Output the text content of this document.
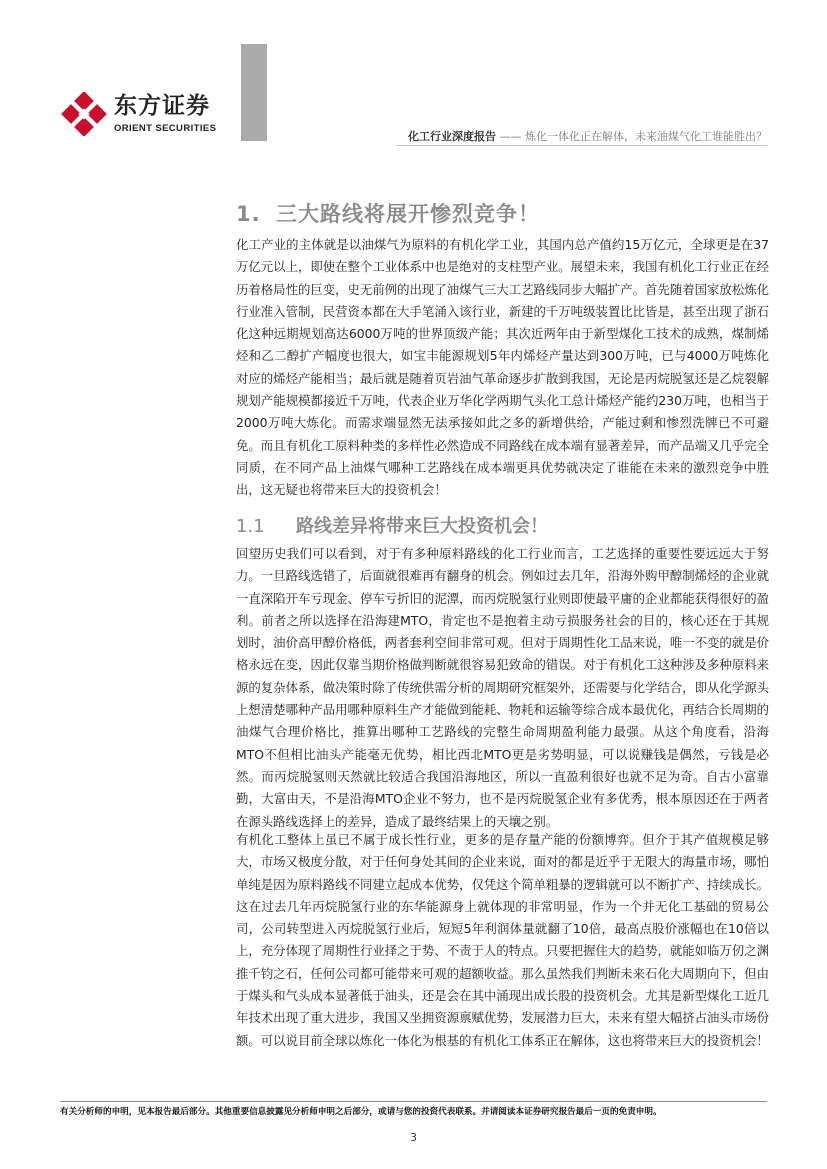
东方证券
ORIENT SECURITIES
化工行业深度报告 —— 炼化一体化正在解体，未来油煤气化工谁能胜出？
1. 三大路线将展开惨烈竞争！
化工产业的主体就是以油煤气为原料的有机化学工业，其国内总产值约15万亿元，全球更是在37万亿元以上，即使在整个工业体系中也是绝对的支柱型产业。展望未来，我国有机化工行业正在经历着格局性的巨变，史无前例的出现了油煤气三大工艺路线同步大幅扩产。首先随着国家放松炼化行业准入管制，民营资本都在大手笔涌入该行业，新建的千万吨级装置比比皆是，甚至出现了浙石化这种远期规划高达6000万吨的世界顶级产能；其次近两年由于新型煤化工技术的成熟，煤制烯烃和乙二醇扩产幅度也很大，如宝丰能源规划5年内烯烃产量达到300万吨，已与4000万吨炼化对应的烯烃产能相当；最后就是随着页岩油气革命逐步扩散到我国，无论是丙烷脱氢还是乙烷裂解规划产能规模都接近千万吨，代表企业万华化学两期气头化工总计烯烃产能约230万吨，也相当于2000万吨大炼化。而需求端显然无法承接如此之多的新增供给，产能过剩和惨烈洗牌已不可避免。而且有机化工原料种类的多样性必然造成不同路线在成本端有显著差异，而产品端又几乎完全同质，在不同产品上油煤气哪种工艺路线在成本端更具优势就决定了谁能在未来的激烈竞争中胜出，这无疑也将带来巨大的投资机会！
1.1 路线差异将带来巨大投资机会！
回望历史我们可以看到，对于有多种原料路线的化工行业而言，工艺选择的重要性要远远大于努力。一旦路线选错了，后面就很难再有翻身的机会。例如过去几年，沿海外购甲醇制烯烃的企业就一直深陷开车亏现金、停车亏折旧的泥潭，而丙烷脱氢行业则即使最平庸的企业都能获得很好的盈利。前者之所以选择在沿海建MTO，肯定也不是抱着主动亏损服务社会的目的，核心还在于其规划时，油价高甲醇价格低，两者套利空间非常可观。但对于周期性化工品来说，唯一不变的就是价格永远在变，因此仅靠当期价格做判断就很容易犯致命的错误。对于有机化工这种涉及多种原料来源的复杂体系，做决策时除了传统供需分析的周期研究框架外，还需要与化学结合，即从化学源头上想清楚哪种产品用哪种原料生产才能做到能耗、物耗和运输等综合成本最优化，再结合长周期的油煤气合理价格比，推算出哪种工艺路线的完整生命周期盈利能力最强。从这个角度看，沿海MTO不但相比油头产能毫无优势，相比西北MTO更是劣势明显，可以说赚钱是偶然，亏钱是必然。而丙烷脱氢则天然就比较适合我国沿海地区，所以一直盈利很好也就不足为奇。自古小富靠勤，大富由天，不是沿海MTO企业不努力，也不是丙烷脱氢企业有多优秀，根本原因还在于两者在源头路线选择上的差异，造成了最终结果上的天壤之别。
有机化工整体上虽已不属于成长性行业，更多的是存量产能的份额博弈。但介于其产值规模足够大，市场又极度分散，对于任何身处其间的企业来说，面对的都是近乎于无限大的海量市场，哪怕单纯是因为原料路线不同建立起成本优势，仅凭这个简单粗暴的逻辑就可以不断扩产、持续成长。这在过去几年丙烷脱氢行业的东华能源身上就体现的非常明显，作为一个并无化工基础的贸易公司，公司转型进入丙烷脱氢行业后，短短5年利润体量就翻了10倍，最高点股价涨幅也在10倍以上，充分体现了周期性行业择之于势、不责于人的特点。只要把握住大的趋势，就能如临万仞之渊推千钧之石，任何公司都可能带来可观的超额收益。那么虽然我们判断未来石化大周期向下，但由于煤头和气头成本显著低于油头，还是会在其中涌现出成长股的投资机会。尤其是新型煤化工近几年技术出现了重大进步，我国又坐拥资源禀赋优势，发展潜力巨大，未来有望大幅挤占油头市场份额。可以说目前全球以炼化一体化为根基的有机化工体系正在解体，这也将带来巨大的投资机会！
有关分析师的申明，见本报告最后部分。其他重要信息披露见分析师申明之后部分，或请与您的投资代表联系。并请阅读本证券研究报告最后一页的免责申明。
3
